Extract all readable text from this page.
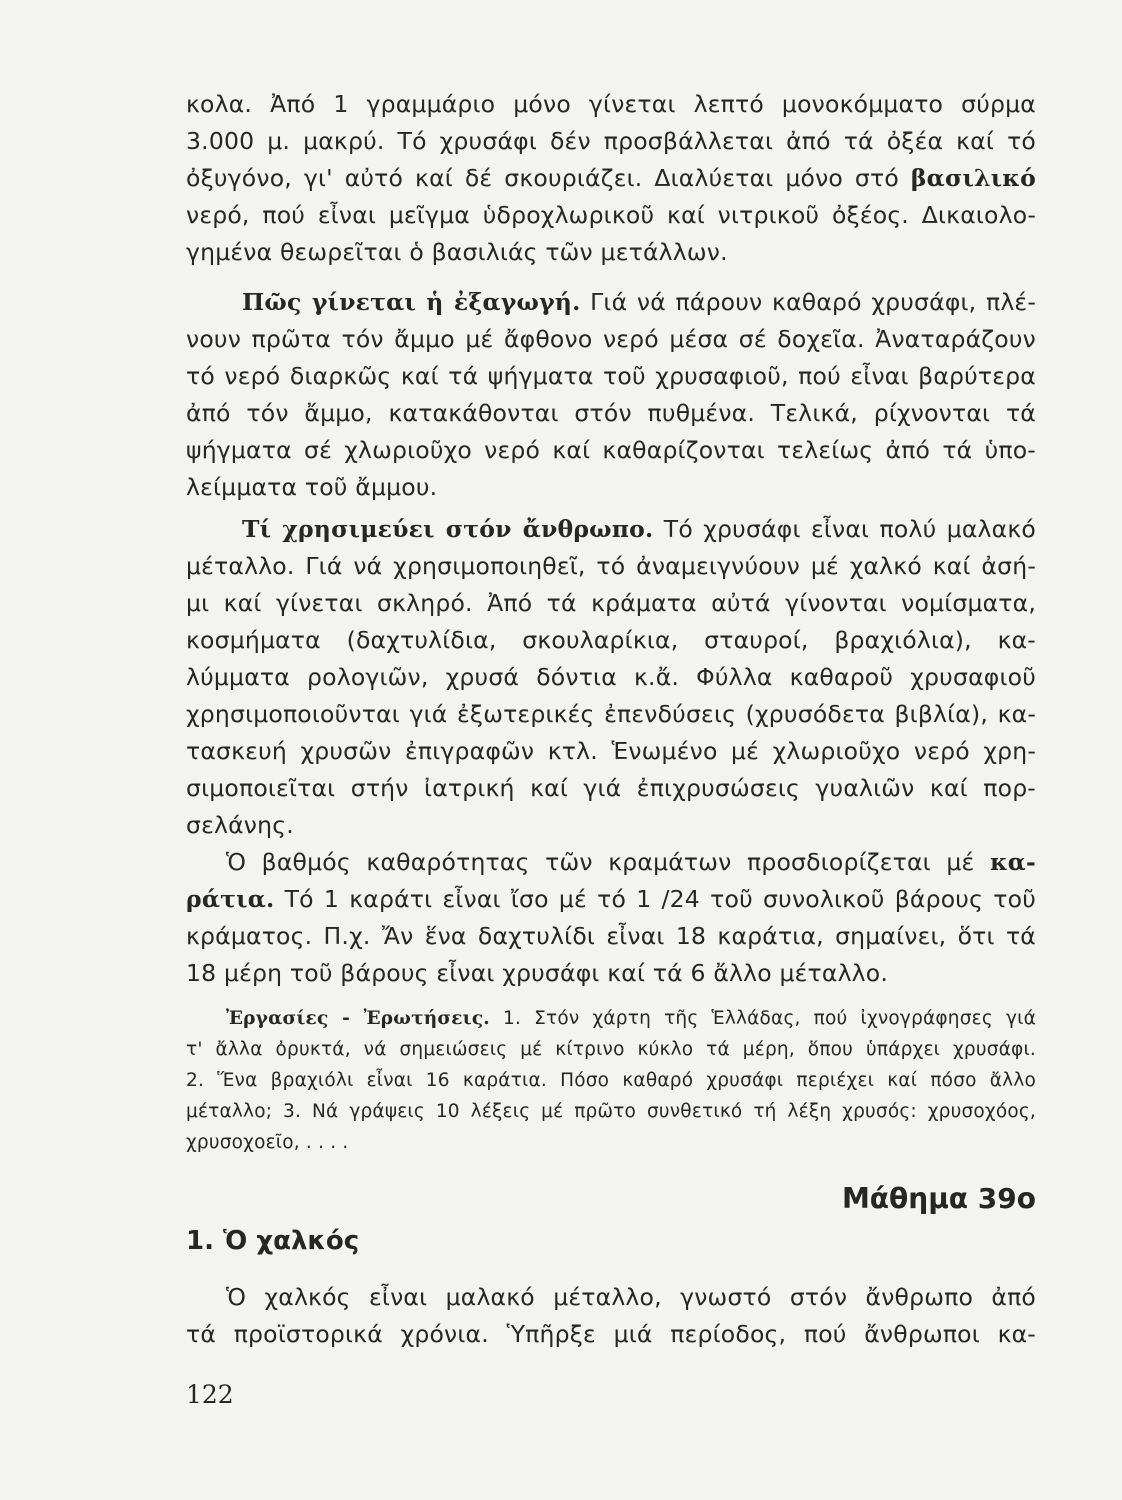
κολα. Ἀπό 1 γραμμάριο μόνο γίνεται λεπτό μονοκόμματο σύρμα
3.000 μ. μακρύ. Τό χρυσάφι δέν προσβάλλεται ἀπό τά ὀξέα καί τό
ὀξυγόνο, γι' αὐτό καί δέ σκουριάζει. Διαλύεται μόνο στό βασιλικό
νερό, πού εἶναι μεῖγμα ὑδροχλωρικοῦ καί νιτρικοῦ ὀξέος. Δικαιολο-
γημένα θεωρεῖται ὁ βασιλιάς τῶν μετάλλων.
Πῶς γίνεται ἡ ἐξαγωγή. Γιά νά πάρουν καθαρό χρυσάφι, πλέ-
νουν πρῶτα τόν ἄμμο μέ ἄφθονο νερό μέσα σέ δοχεῖα. Ἀναταράζουν
τό νερό διαρκῶς καί τά ψήγματα τοῦ χρυσαφιοῦ, πού εἶναι βαρύτερα
ἀπό τόν ἄμμο, κατακάθονται στόν πυθμένα. Τελικά, ρίχνονται τά
ψήγματα σέ χλωριοῦχο νερό καί καθαρίζονται τελείως ἀπό τά ὑπο-
λείμματα τοῦ ἄμμου.
Τί χρησιμεύει στόν ἄνθρωπο. Τό χρυσάφι εἶναι πολύ μαλακό
μέταλλο. Γιά νά χρησιμοποιηθεῖ, τό ἀναμειγνύουν μέ χαλκό καί ἀσή-
μι καί γίνεται σκληρό. Ἀπό τά κράματα αὐτά γίνονται νομίσματα,
κοσμήματα (δαχτυλίδια, σκουλαρίκια, σταυροί, βραχιόλια), κα-
λύμματα ρολογιῶν, χρυσά δόντια κ.ἄ. Φύλλα καθαροῦ χρυσαφιοῦ
χρησιμοποιοῦνται γιά ἐξωτερικές ἐπενδύσεις (χρυσόδετα βιβλία), κα-
τασκευή χρυσῶν ἐπιγραφῶν κτλ. Ἑνωμένο μέ χλωριοῦχο νερό χρη-
σιμοποιεῖται στήν ἰατρική καί γιά ἐπιχρυσώσεις γυαλιῶν καί πορ-
σελάνης.
Ὁ βαθμός καθαρότητας τῶν κραμάτων προσδιορίζεται μέ κα-
ράτια. Τό 1 καράτι εἶναι ἴσο μέ τό 1 /24 τοῦ συνολικοῦ βάρους τοῦ
κράματος. Π.χ. Ἄν ἕνα δαχτυλίδι εἶναι 18 καράτια, σημαίνει, ὅτι τά
18 μέρη τοῦ βάρους εἶναι χρυσάφι καί τά 6 ἄλλο μέταλλο.
Ἐργασίες - Ἐρωτήσεις. 1. Στόν χάρτη τῆς Ἑλλάδας, πού ἰχνογράφησες γιά
τ' ἄλλα ὀρυκτά, νά σημειώσεις μέ κίτρινο κύκλο τά μέρη, ὅπου ὑπάρχει χρυσάφι.
2. Ἕνα βραχιόλι εἶναι 16 καράτια. Πόσο καθαρό χρυσάφι περιέχει καί πόσο ἄλλο
μέταλλο; 3. Νά γράψεις 10 λέξεις μέ πρῶτο συνθετικό τή λέξη χρυσός: χρυσοχόος,
χρυσοχοεῖο, . . . .
Μάθημα 39ο
1. Ὁ χαλκός
Ὁ χαλκός εἶναι μαλακό μέταλλο, γνωστό στόν ἄνθρωπο ἀπό
τά προϊστορικά χρόνια. Ὑπῆρξε μιά περίοδος, πού ἄνθρωποι κα-
122
